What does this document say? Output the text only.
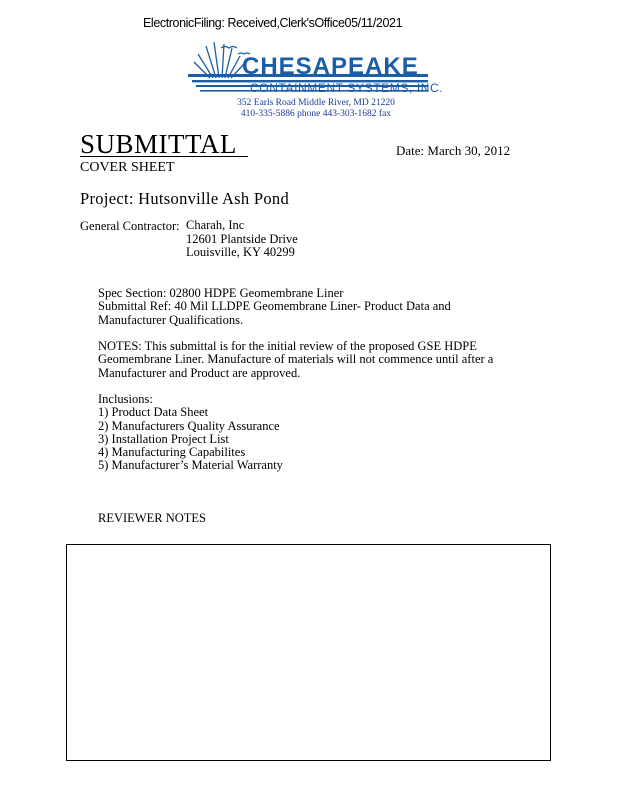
ElectronicFiling: Received,Clerk'sOffice05/11/2021
CHESAPEAKE
CONTAINMENT SYSTEMS, INC.
352 Earls Road Middle River, MD 21220
410-335-5886 phone 443-303-1682 fax
SUBMITTAL
COVER SHEET
Date: March 30, 2012
Project: Hutsonville Ash Pond
General Contractor: Charah, Inc
12601 Plantside Drive
Louisville, KY 40299
Spec Section: 02800 HDPE Geomembrane Liner
Submittal Ref: 40 Mil LLDPE Geomembrane Liner- Product Data and
Manufacturer Qualifications.
NOTES: This submittal is for the initial review of the proposed GSE HDPE
Geomembrane Liner. Manufacture of materials will not commence until after a
Manufacturer and Product are approved.
Inclusions:
1) Product Data Sheet
2) Manufacturers Quality Assurance
3) Installation Project List
4) Manufacturing Capabilites
5) Manufacturer’s Material Warranty
REVIEWER NOTES
